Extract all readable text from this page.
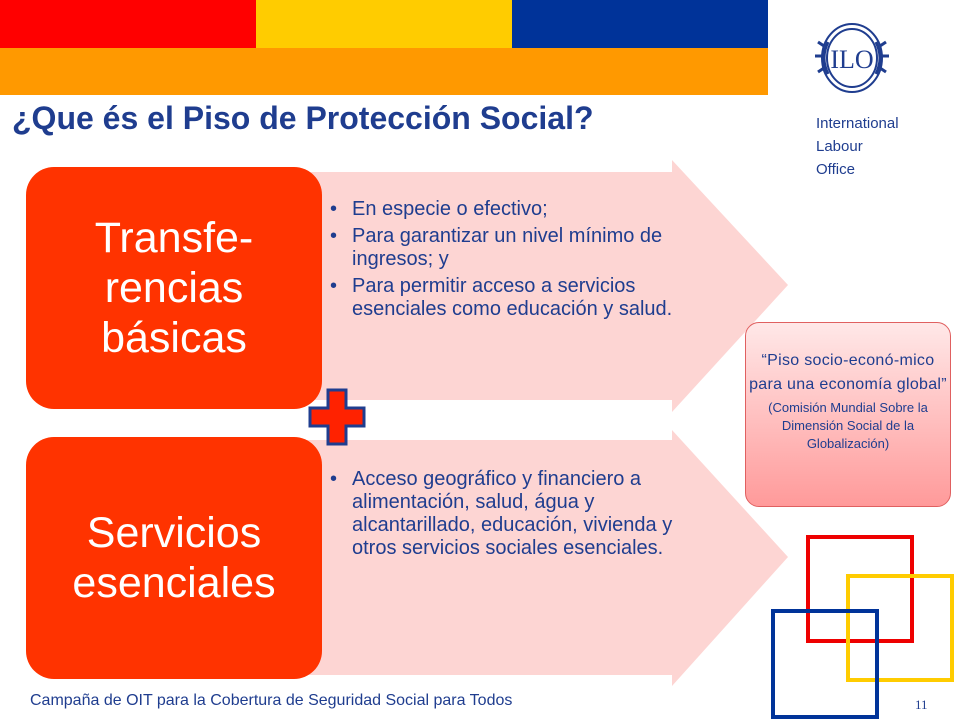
ILO
International
Labour
Office
¿Que és el Piso de Protección Social?
Transfe-
rencias
básicas
• En especie o efectivo;
• Para garantizar un nivel mínimo de ingresos; y
• Para permitir acceso a servicios esenciales como educación y salud.
Servicios
esenciales
• Acceso geográfico y financiero a alimentación, salud, água y alcantarillado, educación, vivienda y otros servicios sociales esenciales.
“Piso socio-econó-mico para una economía global”
(Comisión Mundial Sobre la Dimensión Social de la Globalización)
Campaña de OIT para la Cobertura de Seguridad Social para Todos	11
